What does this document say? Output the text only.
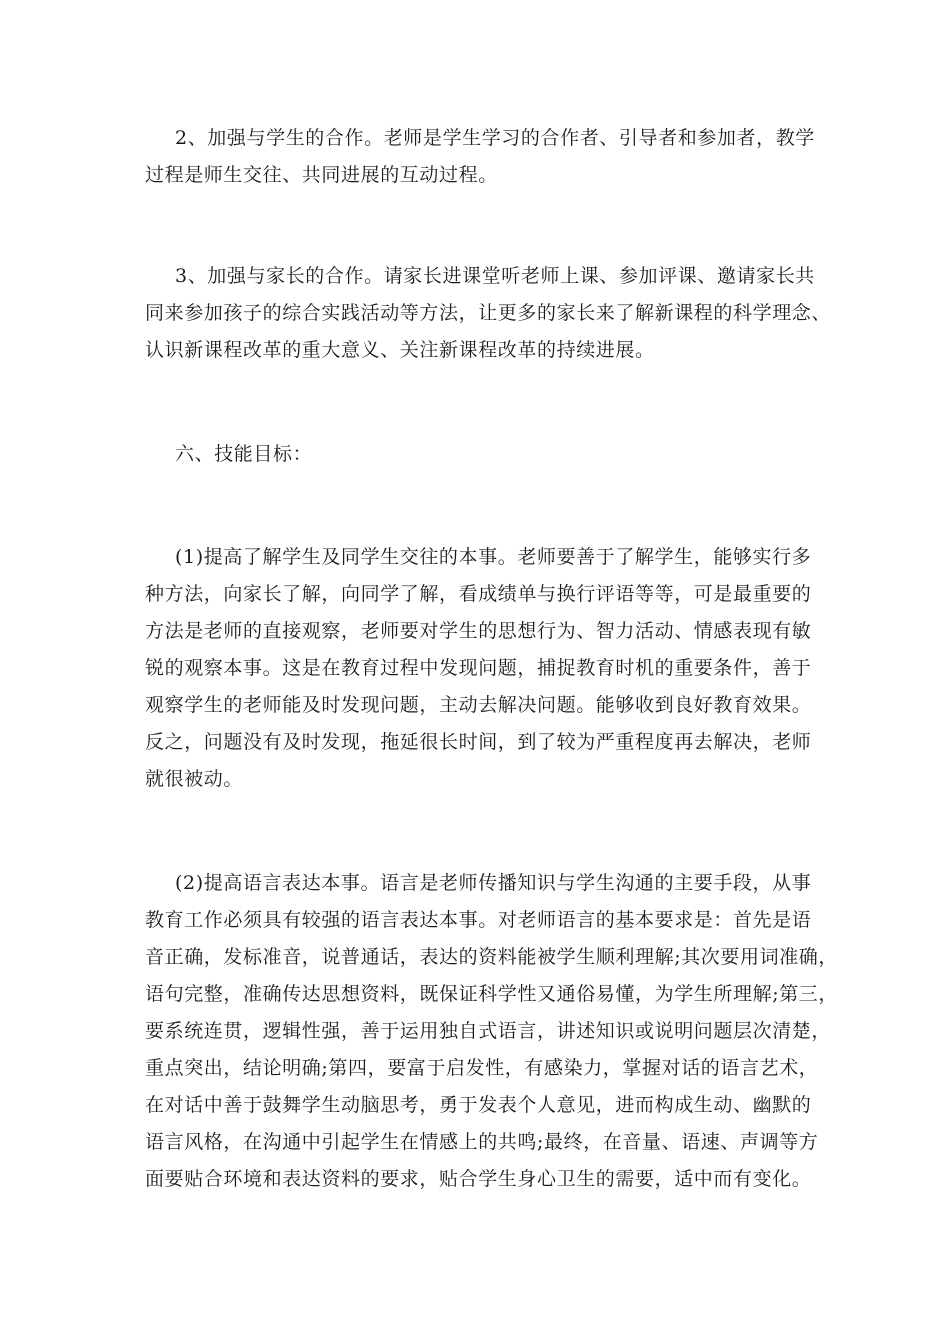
2、加强与学生的合作。老师是学生学习的合作者、引导者和参加者，教学
过程是师生交往、共同进展的互动过程。
3、加强与家长的合作。请家长进课堂听老师上课、参加评课、邀请家长共
同来参加孩子的综合实践活动等方法，让更多的家长来了解新课程的科学理念、
认识新课程改革的重大意义、关注新课程改革的持续进展。
六、技能目标：
(1)提高了解学生及同学生交往的本事。老师要善于了解学生，能够实行多
种方法，向家长了解，向同学了解，看成绩单与换行评语等等，可是最重要的
方法是老师的直接观察，老师要对学生的思想行为、智力活动、情感表现有敏
锐的观察本事。这是在教育过程中发现问题，捕捉教育时机的重要条件，善于
观察学生的老师能及时发现问题，主动去解决问题。能够收到良好教育效果。
反之，问题没有及时发现，拖延很长时间，到了较为严重程度再去解决，老师
就很被动。
(2)提高语言表达本事。语言是老师传播知识与学生沟通的主要手段，从事
教育工作必须具有较强的语言表达本事。对老师语言的基本要求是：首先是语
音正确，发标准音，说普通话，表达的资料能被学生顺利理解;其次要用词准确，
语句完整，准确传达思想资料，既保证科学性又通俗易懂，为学生所理解;第三，
要系统连贯，逻辑性强，善于运用独自式语言，讲述知识或说明问题层次清楚，
重点突出，结论明确;第四，要富于启发性，有感染力，掌握对话的语言艺术，
在对话中善于鼓舞学生动脑思考，勇于发表个人意见，进而构成生动、幽默的
语言风格，在沟通中引起学生在情感上的共鸣;最终，在音量、语速、声调等方
面要贴合环境和表达资料的要求，贴合学生身心卫生的需要，适中而有变化。
